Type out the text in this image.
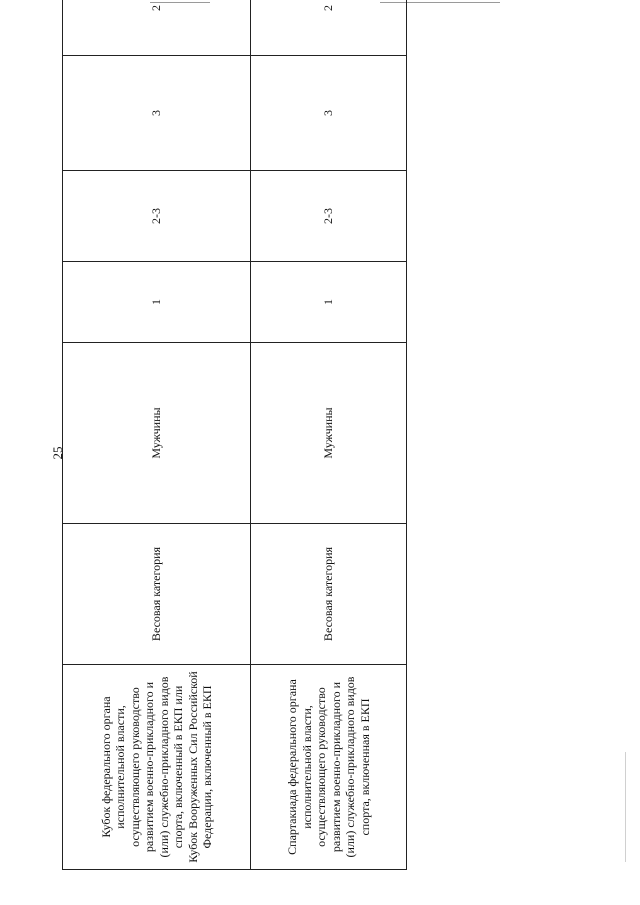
25
Кубок федерального органа исполнительной власти, осуществляющего руководство развитием военно-прикладного и (или) служебно-прикладного видов спорта, включенный в ЕКП или Кубок Вооруженных Сил Российской Федерации, включенный в ЕКП	Весовая категория	Мужчины	1	2-3	3	2
Спартакиада федерального органа исполнительной власти, осуществляющего руководство развитием военно-прикладного и (или) служебно-прикладного видов спорта, включенная в ЕКП	Весовая категория	Мужчины	1	2-3	3	2
